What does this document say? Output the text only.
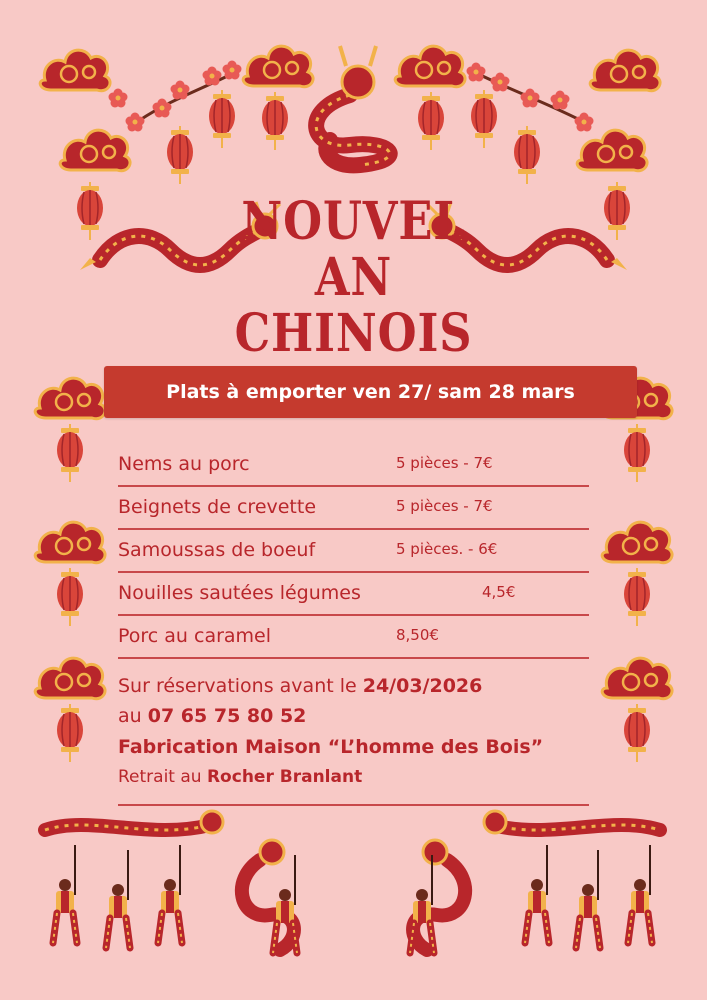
NOUVEL
AN
CHINOIS
Plats à emporter ven 27/ sam 28 mars
Nems au porc	5 pièces - 7€
Beignets de crevette	5 pièces - 7€
Samoussas de boeuf	5 pièces. - 6€
Nouilles sautées légumes	4,5€
Porc au caramel	8,50€
Sur réservations avant le 24/03/2026
au 07 65 75 80 52
Fabrication Maison “L’homme des Bois”
Retrait au Rocher Branlant
